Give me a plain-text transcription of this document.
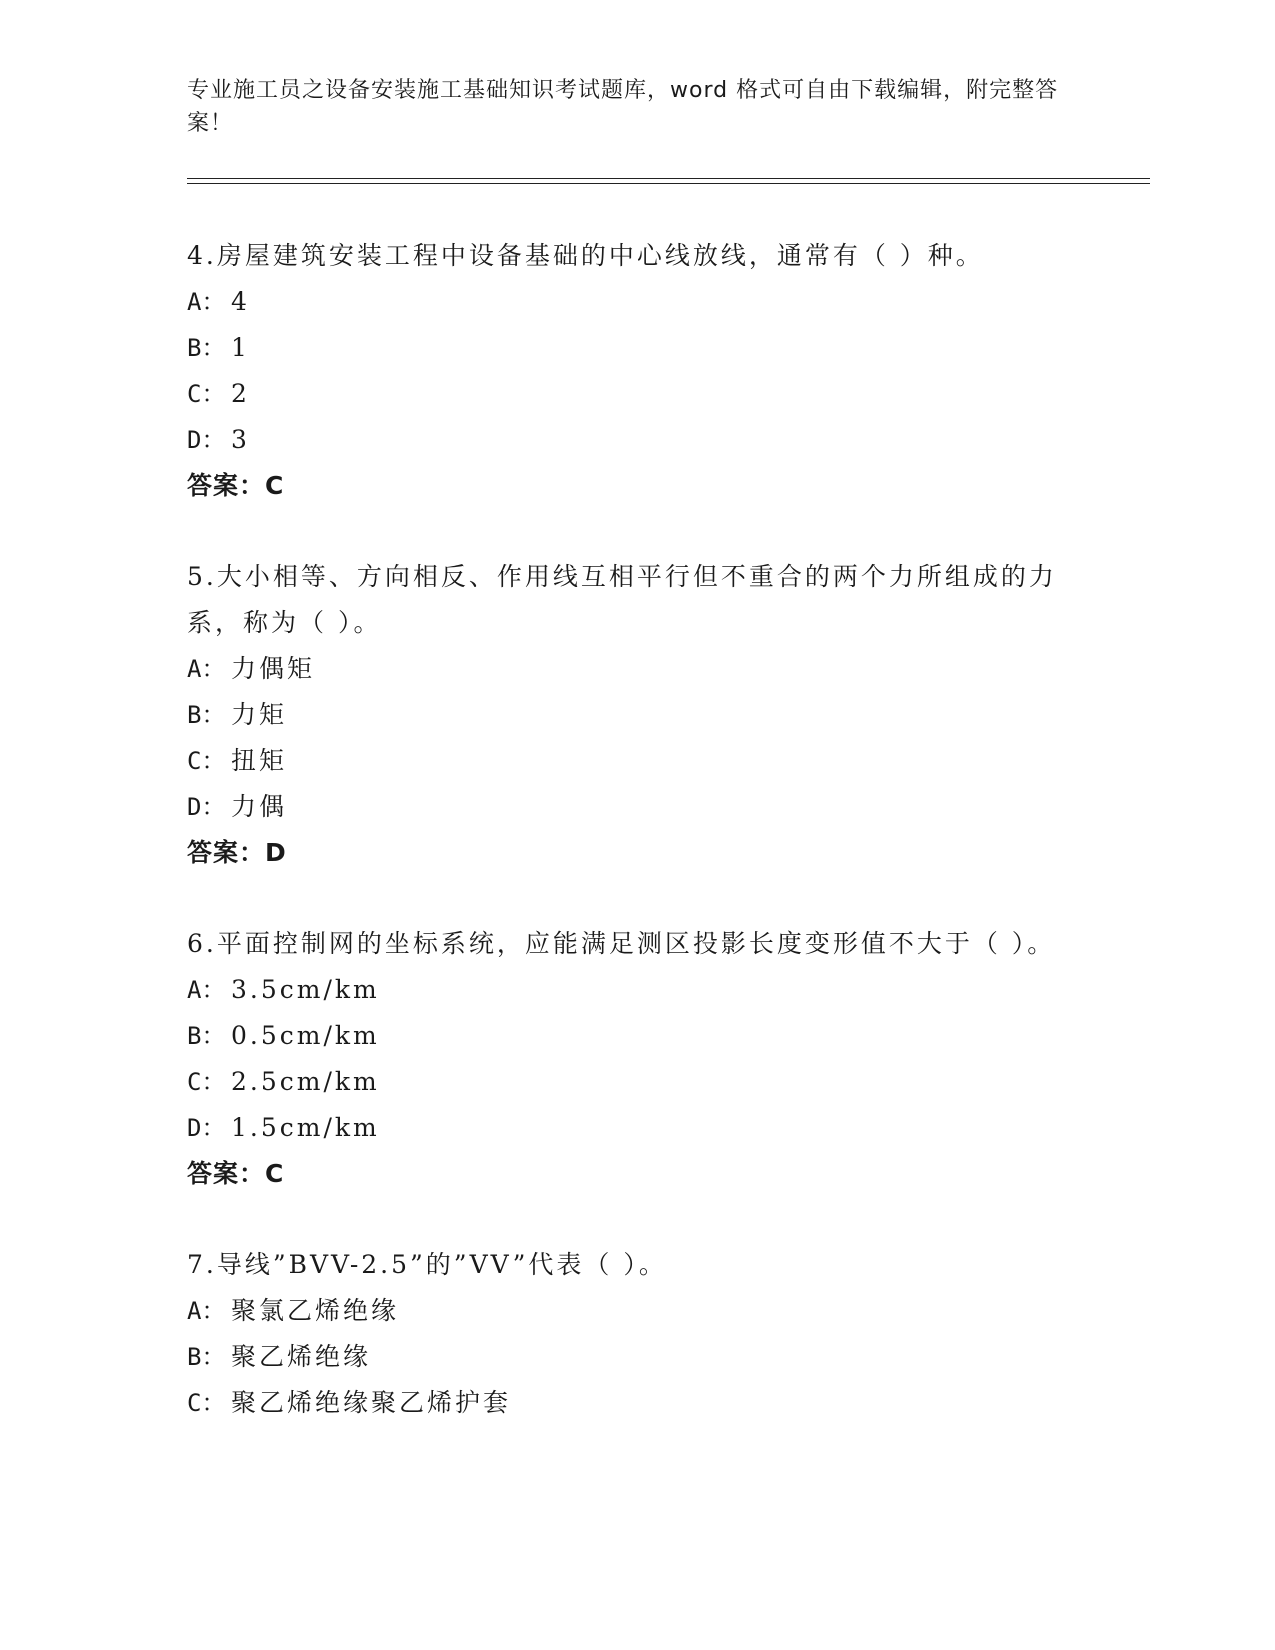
专业施工员之设备安装施工基础知识考试题库，word 格式可自由下载编辑，附完整答案！
4.房屋建筑安装工程中设备基础的中心线放线，通常有（ ）种。
A： 4
B： 1
C： 2
D： 3
答案：C
5.大小相等、方向相反、作用线互相平行但不重合的两个力所组成的力系，称为（ ）。
A： 力偶矩
B： 力矩
C： 扭矩
D： 力偶
答案：D
6.平面控制网的坐标系统，应能满足测区投影长度变形值不大于（ ）。
A： 3.5cm/km
B： 0.5cm/km
C： 2.5cm/km
D： 1.5cm/km
答案：C
7.导线”BVV-2.5”的”VV”代表（ ）。
A： 聚氯乙烯绝缘
B： 聚乙烯绝缘
C： 聚乙烯绝缘聚乙烯护套
